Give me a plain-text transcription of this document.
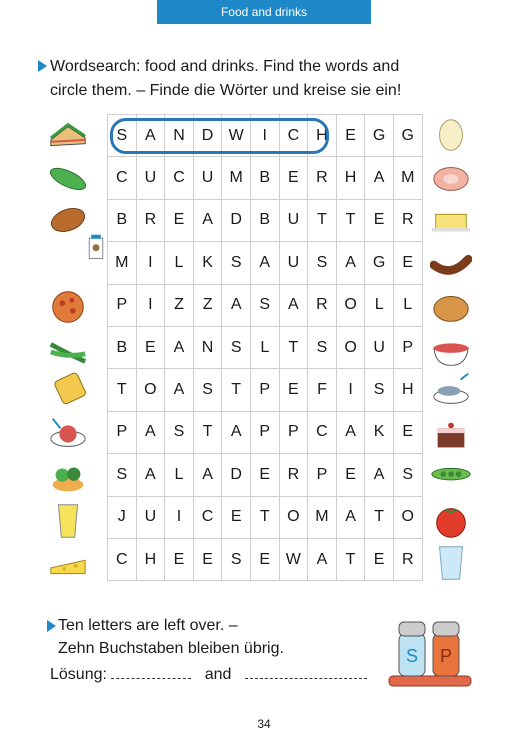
Food and drinks
Wordsearch: food and drinks. Find the words and
circle them. – Finde die Wörter und kreise sie ein!
S	A	N	D	W	I	C	H	E	G	G
C	U	C	U	M	B	E	R	H	A	M
B	R	E	A	D	B	U	T	T	E	R
M	I	L	K	S	A	U	S	A	G	E
P	I	Z	Z	A	S	A	R	O	L	L
B	E	A	N	S	L	T	S	O	U	P
T	O	A	S	T	P	E	F	I	S	H
P	A	S	T	A	P	P	C	A	K	E
S	A	L	A	D	E	R	P	E	A	S
J	U	I	C	E	T	O	M	A	T	O
C	H	E	E	S	E	W	A	T	E	R
Ten letters are left over. –
Zehn Buchstaben bleiben übrig.
Lösung:	and
S P
34
